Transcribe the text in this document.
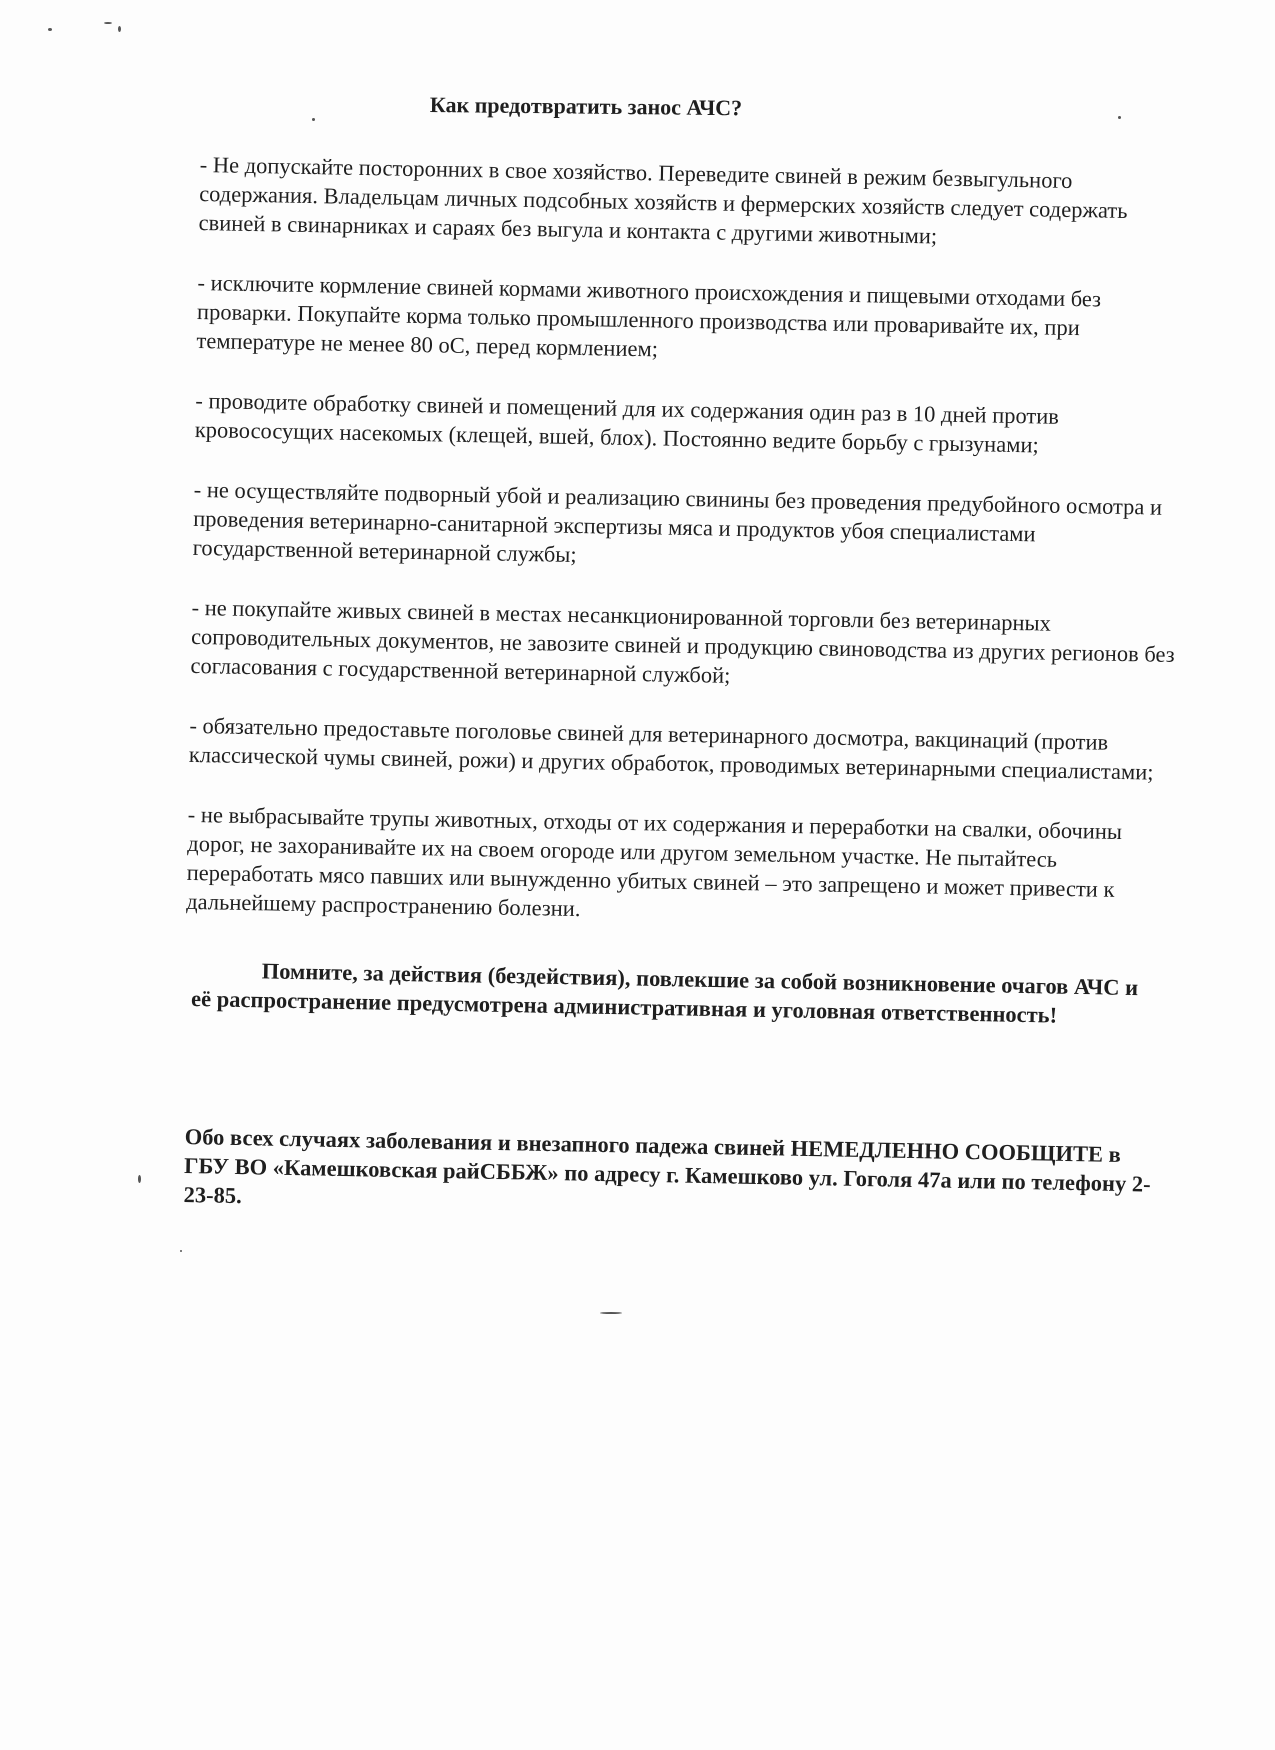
Как предотвратить занос АЧС?

- Не допускайте посторонних в свое хозяйство. Переведите свиней в режим безвыгульного содержания. Владельцам личных подсобных хозяйств и фермерских хозяйств следует содержать свиней в свинарниках и сараях без выгула и контакта с другими животными;

- исключите кормление свиней кормами животного происхождения и пищевыми отходами без проварки. Покупайте корма только промышленного производства или проваривайте их, при температуре не менее 80 оС, перед кормлением;

- проводите обработку свиней и помещений для их содержания один раз в 10 дней против кровососущих насекомых (клещей, вшей, блох). Постоянно ведите борьбу с грызунами;

- не осуществляйте подворный убой и реализацию свинины без проведения предубойного осмотра и проведения ветеринарно-санитарной экспертизы мяса и продуктов убоя специалистами государственной ветеринарной службы;

- не покупайте живых свиней в местах несанкционированной торговли без ветеринарных сопроводительных документов, не завозите свиней и продукцию свиноводства из других регионов без согласования с государственной ветеринарной службой;

- обязательно предоставьте поголовье свиней для ветеринарного досмотра, вакцинаций (против классической чумы свиней, рожи) и других обработок, проводимых ветеринарными специалистами;

- не выбрасывайте трупы животных, отходы от их содержания и переработки на свалки, обочины дорог, не захоранивайте их на своем огороде или другом земельном участке. Не пытайтесь переработать мясо павших или вынужденно убитых свиней – это запрещено и может привести к дальнейшему распространению болезни.

Помните, за действия (бездействия), повлекшие за собой возникновение очагов АЧС и её распространение предусмотрена административная и уголовная ответственность!
Обо всех случаях заболевания и внезапного падежа свиней НЕМЕДЛЕННО СООБЩИТЕ в ГБУ ВО «Камешковская райСББЖ» по адресу г. Камешково ул. Гоголя 47а или по телефону 2-23-85.
